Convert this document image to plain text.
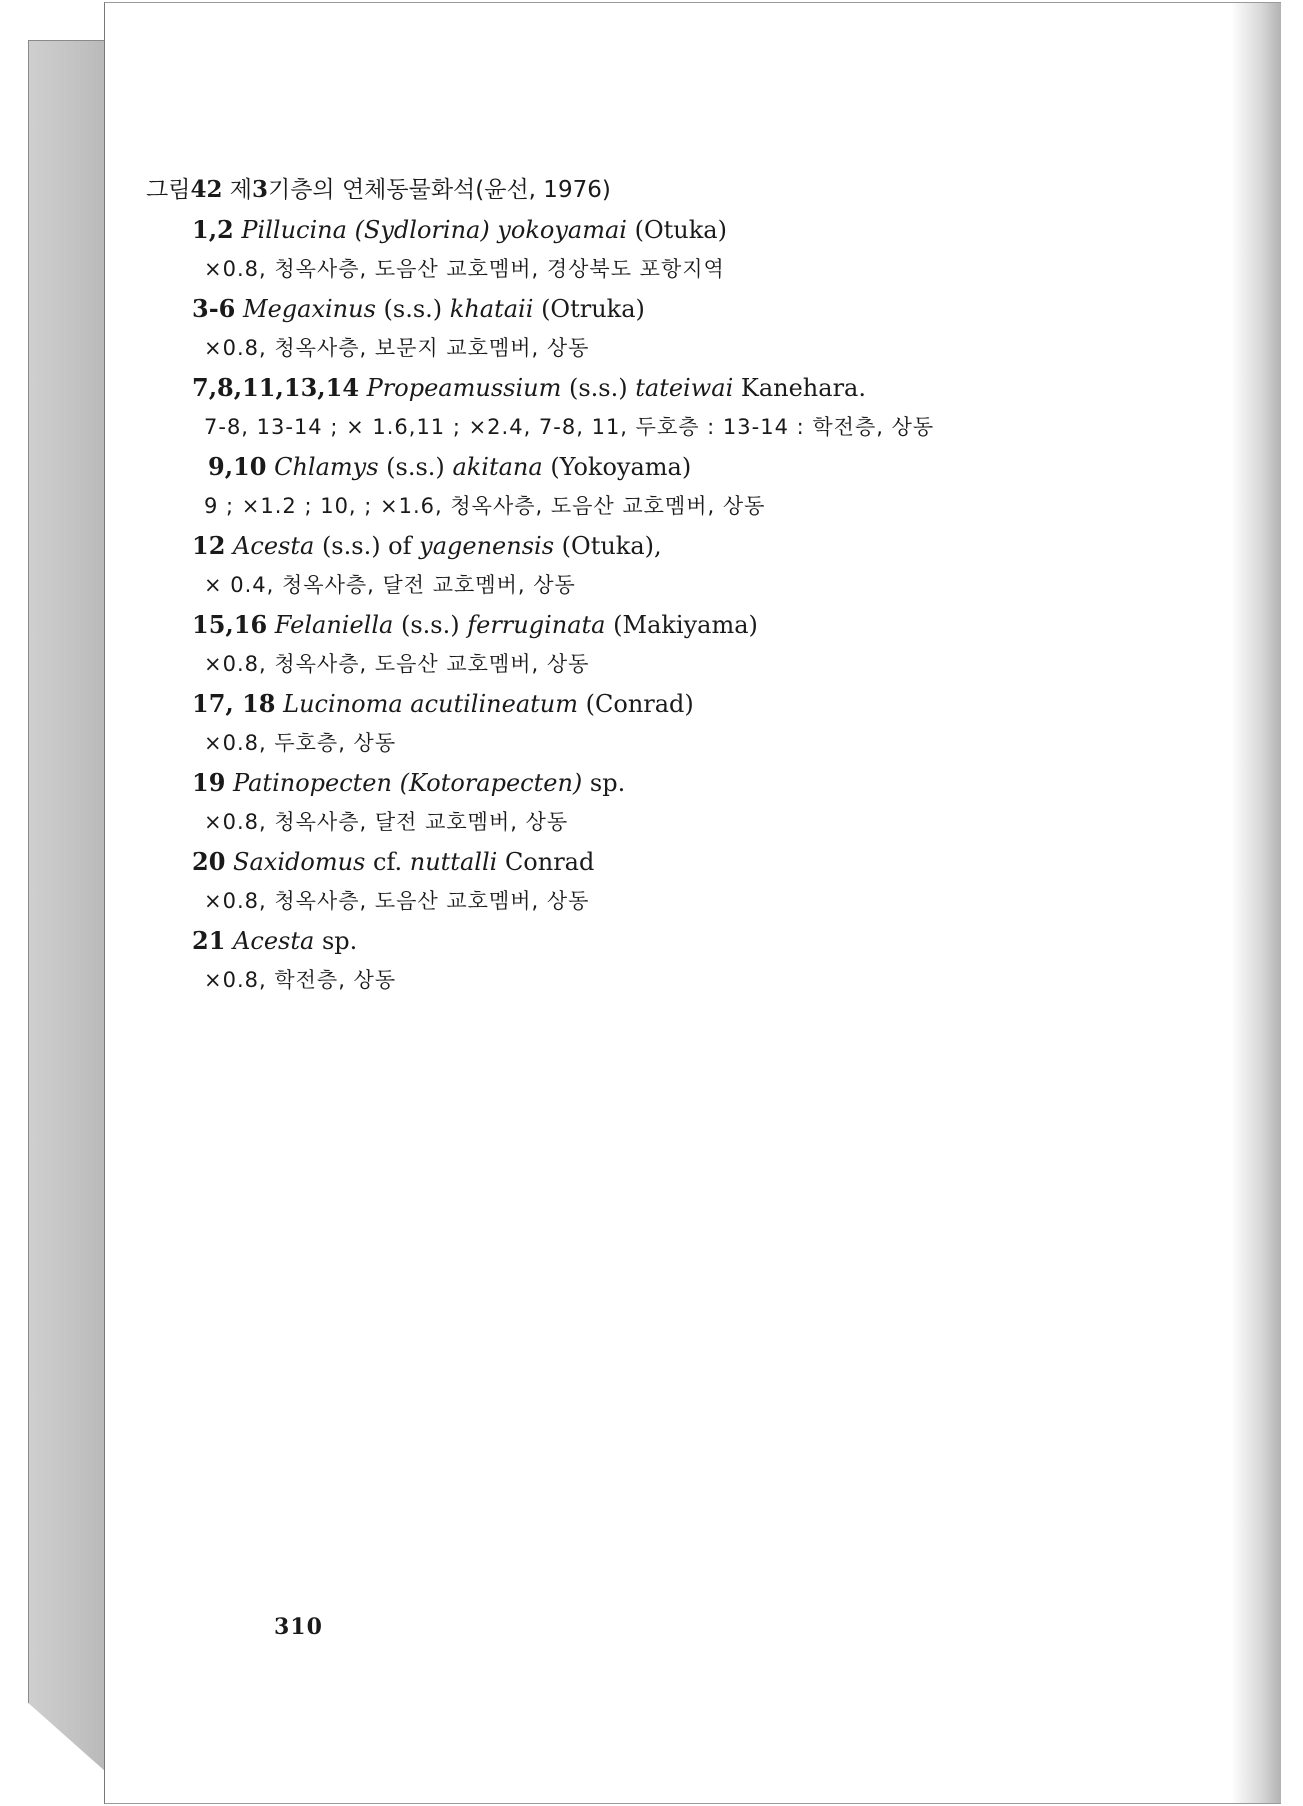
그림42 제3기층의 연체동물화석(윤선, 1976)
1,2 Pillucina (Sydlorina) yokoyamai (Otuka)
×0.8, 청옥사층, 도음산 교호멤버, 경상북도 포항지역
3-6 Megaxinus (s.s.) khataii (Otruka)
×0.8, 청옥사층, 보문지 교호멤버, 상동
7,8,11,13,14 Propeamussium (s.s.) tateiwai Kanehara.
7-8, 13-14 ; × 1.6,11 ; ×2.4, 7-8, 11, 두호층 : 13-14 : 학전층, 상동
9,10 Chlamys (s.s.) akitana (Yokoyama)
9 ; ×1.2 ; 10, ; ×1.6, 청옥사층, 도음산 교호멤버, 상동
12 Acesta (s.s.) of yagenensis (Otuka),
× 0.4, 청옥사층, 달전 교호멤버, 상동
15,16 Felaniella (s.s.) ferruginata (Makiyama)
×0.8, 청옥사층, 도음산 교호멤버, 상동
17, 18 Lucinoma acutilineatum (Conrad)
×0.8, 두호층, 상동
19 Patinopecten (Kotorapecten) sp.
×0.8, 청옥사층, 달전 교호멤버, 상동
20 Saxidomus cf. nuttalli Conrad
×0.8, 청옥사층, 도음산 교호멤버, 상동
21 Acesta sp.
×0.8, 학전층, 상동
310
